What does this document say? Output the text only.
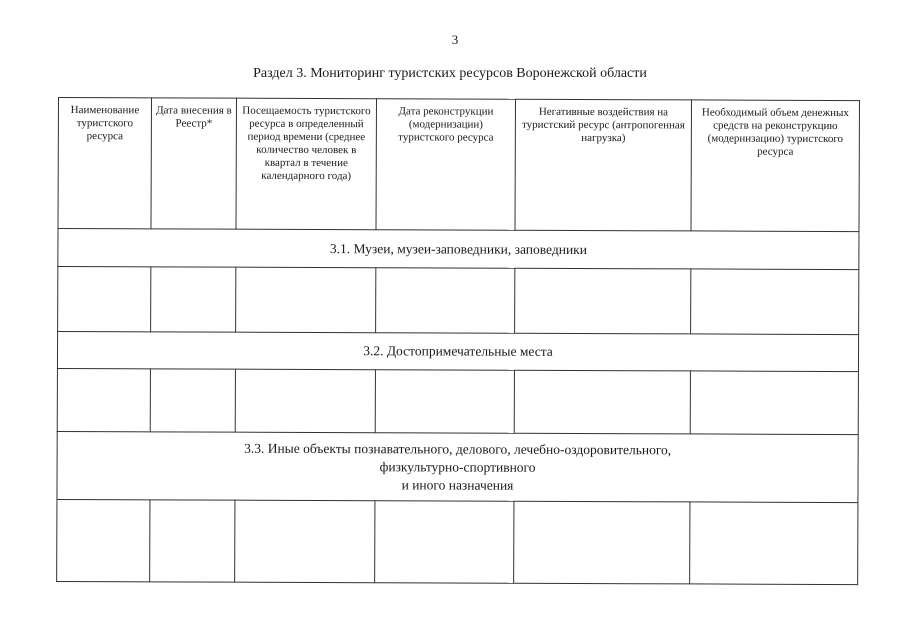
3
Раздел 3. Мониторинг туристских ресурсов Воронежской области
Наименование туристского ресурса	Дата внесения в Реестр*	Посещаемость туристского ресурса в определенный период времени (среднее количество человек в квартал в течение календарного года)	Дата реконструкции (модернизации) туристского ресурса	Негативные воздействия на туристский ресурс (антропогенная нагрузка)	Необходимый объем денежных средств на реконструкцию (модернизацию) туристского ресурса
3.1. Музеи, музеи-заповедники, заповедники					

3.2. Достопримечательные места					

3.3. Иные объекты познавательного, делового, лечебно-оздоровительного,
физкультурно-спортивного
и иного назначения					
